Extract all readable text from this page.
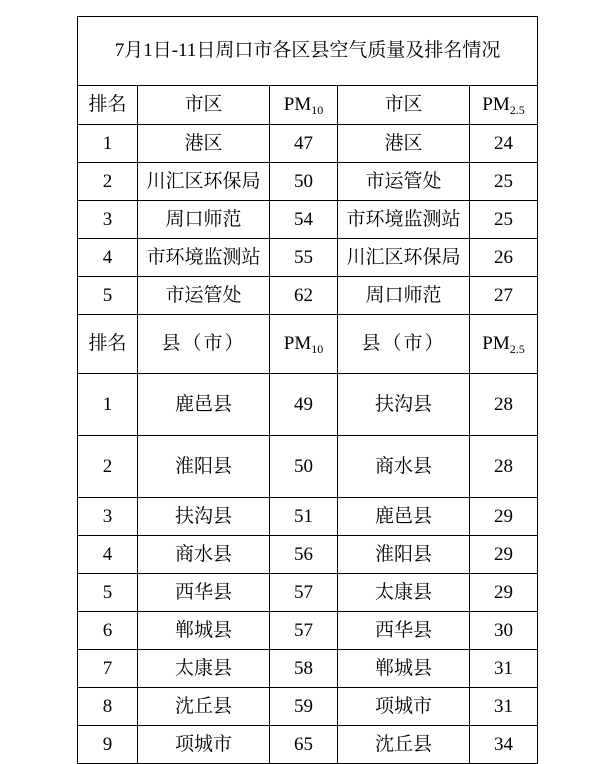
7月1日-11日周口市各区县空气质量及排名情况				
排名	市区	$PM_{10}$	市区	$PM_{2.5}$
1	港区	47	港区	24
2	川汇区环保局	50	市运管处	25
3	周口师范	54	市环境监测站	25
4	市环境监测站	55	川汇区环保局	26
5	市运管处	62	周口师范	27
排名	县（市）	$PM_{10}$	县（市）	$PM_{2.5}$
1	鹿邑县	49	扶沟县	28
2	淮阳县	50	商水县	28
3	扶沟县	51	鹿邑县	29
4	商水县	56	淮阳县	29
5	西华县	57	太康县	29
6	郸城县	57	西华县	30
7	太康县	58	郸城县	31
8	沈丘县	59	项城市	31
9	项城市	65	沈丘县	34
